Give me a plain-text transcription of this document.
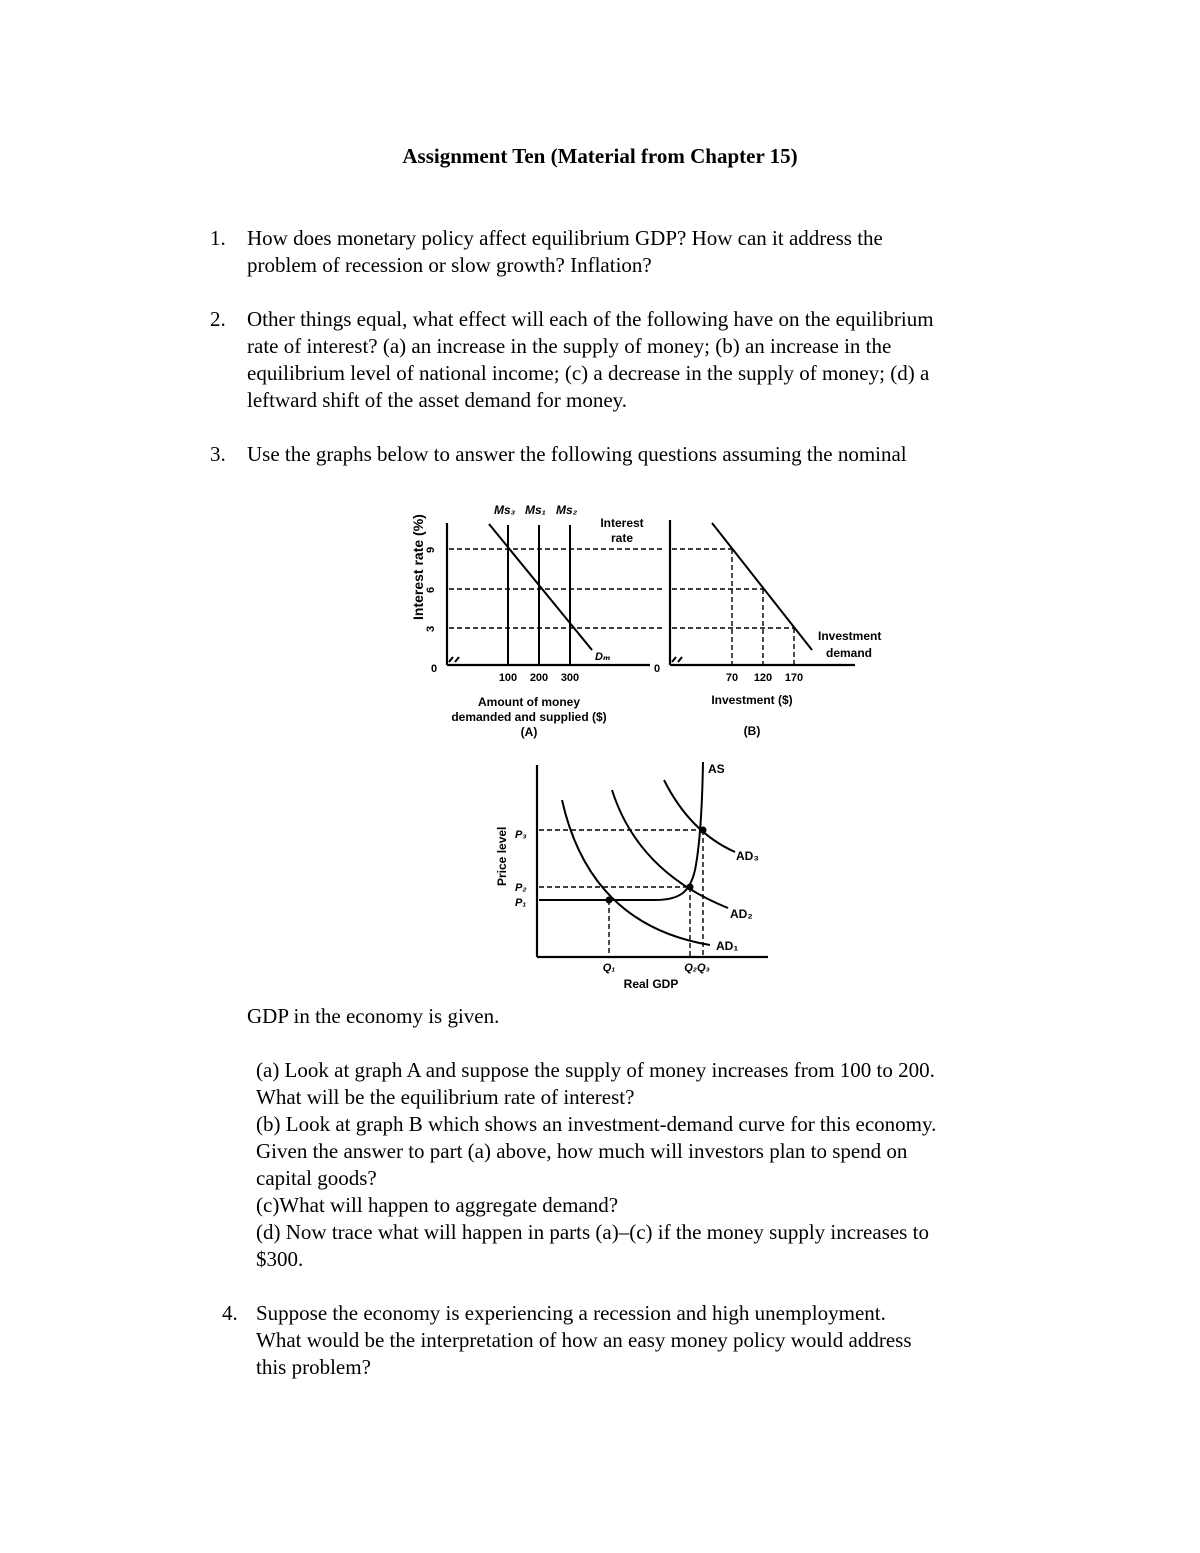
Assignment Ten (Material from Chapter 15)
1. How does monetary policy affect equilibrium GDP? How can it address the
problem of recession or slow growth? Inflation?
2. Other things equal, what effect will each of the following have on the equilibrium
rate of interest? (a) an increase in the supply of money; (b) an increase in the
equilibrium level of national income; (c) a decrease in the supply of money; (d) a
leftward shift of the asset demand for money.
3. Use the graphs below to answer the following questions assuming the nominal
Interest rate (%) 9
6
3
0
Ms₃ Ms₁ Ms₂
Dₘ
Interest
rate
100 200 300
Amount of money
demanded and supplied ($)
(A)
0
Investment
demand
70 120 170
Investment ($)
(B)
Price level
AS
AD₃
AD₂
AD₁
P₃
P₂
P₁
Q₁	Q₂Q₃
Real GDP
GDP in the economy is given.
(a) Look at graph A and suppose the supply of money increases from 100 to 200.
What will be the equilibrium rate of interest?
(b) Look at graph B which shows an investment-demand curve for this economy.
Given the answer to part (a) above, how much will investors plan to spend on
capital goods?
(c)What will happen to aggregate demand?
(d) Now trace what will happen in parts (a)–(c) if the money supply increases to
$300.
4. Suppose the economy is experiencing a recession and high unemployment.
What would be the interpretation of how an easy money policy would address
this problem?
